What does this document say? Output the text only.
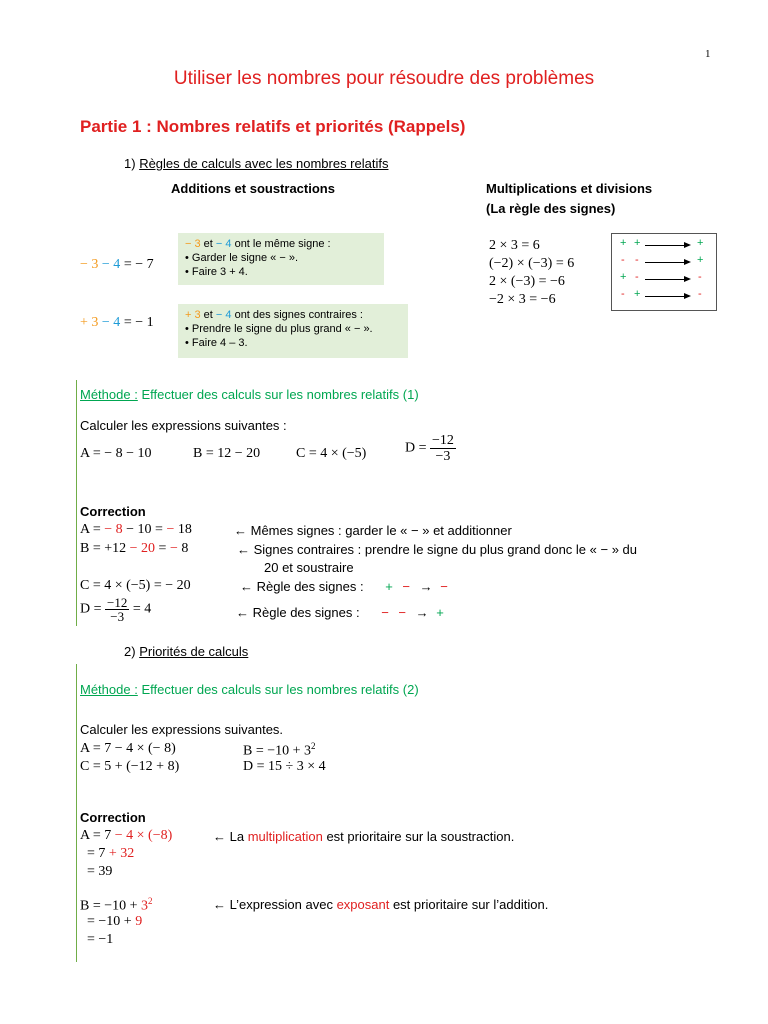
1
Utiliser les nombres pour résoudre des problèmes
Partie 1 : Nombres relatifs et priorités (Rappels)
1) Règles de calculs avec les nombres relatifs
Additions et soustractions	Multiplications et divisions
(La règle des signes)
− 3 − 4 = − 7
− 3 et − 4 ont le même signe :
• Garder le signe « − ».
• Faire 3 + 4.
+ 3 − 4 = − 1	+ 3 et − 4 ont des signes contraires :
• Prendre le signe du plus grand « − ».
• Faire 4 – 3.
2 × 3 = 6
(−2) × (−3) = 6
2 × (−3) = −6
−2 × 3 = −6
+ +	+
- -	+
+ -	-
- +	-
Méthode : Effectuer des calculs sur les nombres relatifs (1)
Calculer les expressions suivantes :
A = − 8 − 10	B = 12 − 20	C = 4 × (−5)	$D = \frac{-12}{-3}$
Correction
A = − 8 − 10 = − 18	← Mêmes signes : garder le « − » et additionner
B = +12 − 20 = − 8	← Signes contraires : prendre le signe du plus grand donc le « − » du
20 et soustraire
C = 4 × (−5) = − 20	← Règle des signes : + − → −
$D = \frac{-12}{-3} = 4$	← Règle des signes : − − → +
2) Priorités de calculs
Méthode : Effectuer des calculs sur les nombres relatifs (2)
Calculer les expressions suivantes.
A = 7 − 4 × (− 8)	$B = -10 + 3^2$
C = 5 + (−12 + 8)	D = 15 ÷ 3 × 4
Correction
A = 7 − 4 × (−8)	← La multiplication est prioritaire sur la soustraction.
= 7 + 32
= 39
$B = -10 + 3^2$	← L’expression avec exposant est prioritaire sur l’addition.
= −10 + 9
= −1
